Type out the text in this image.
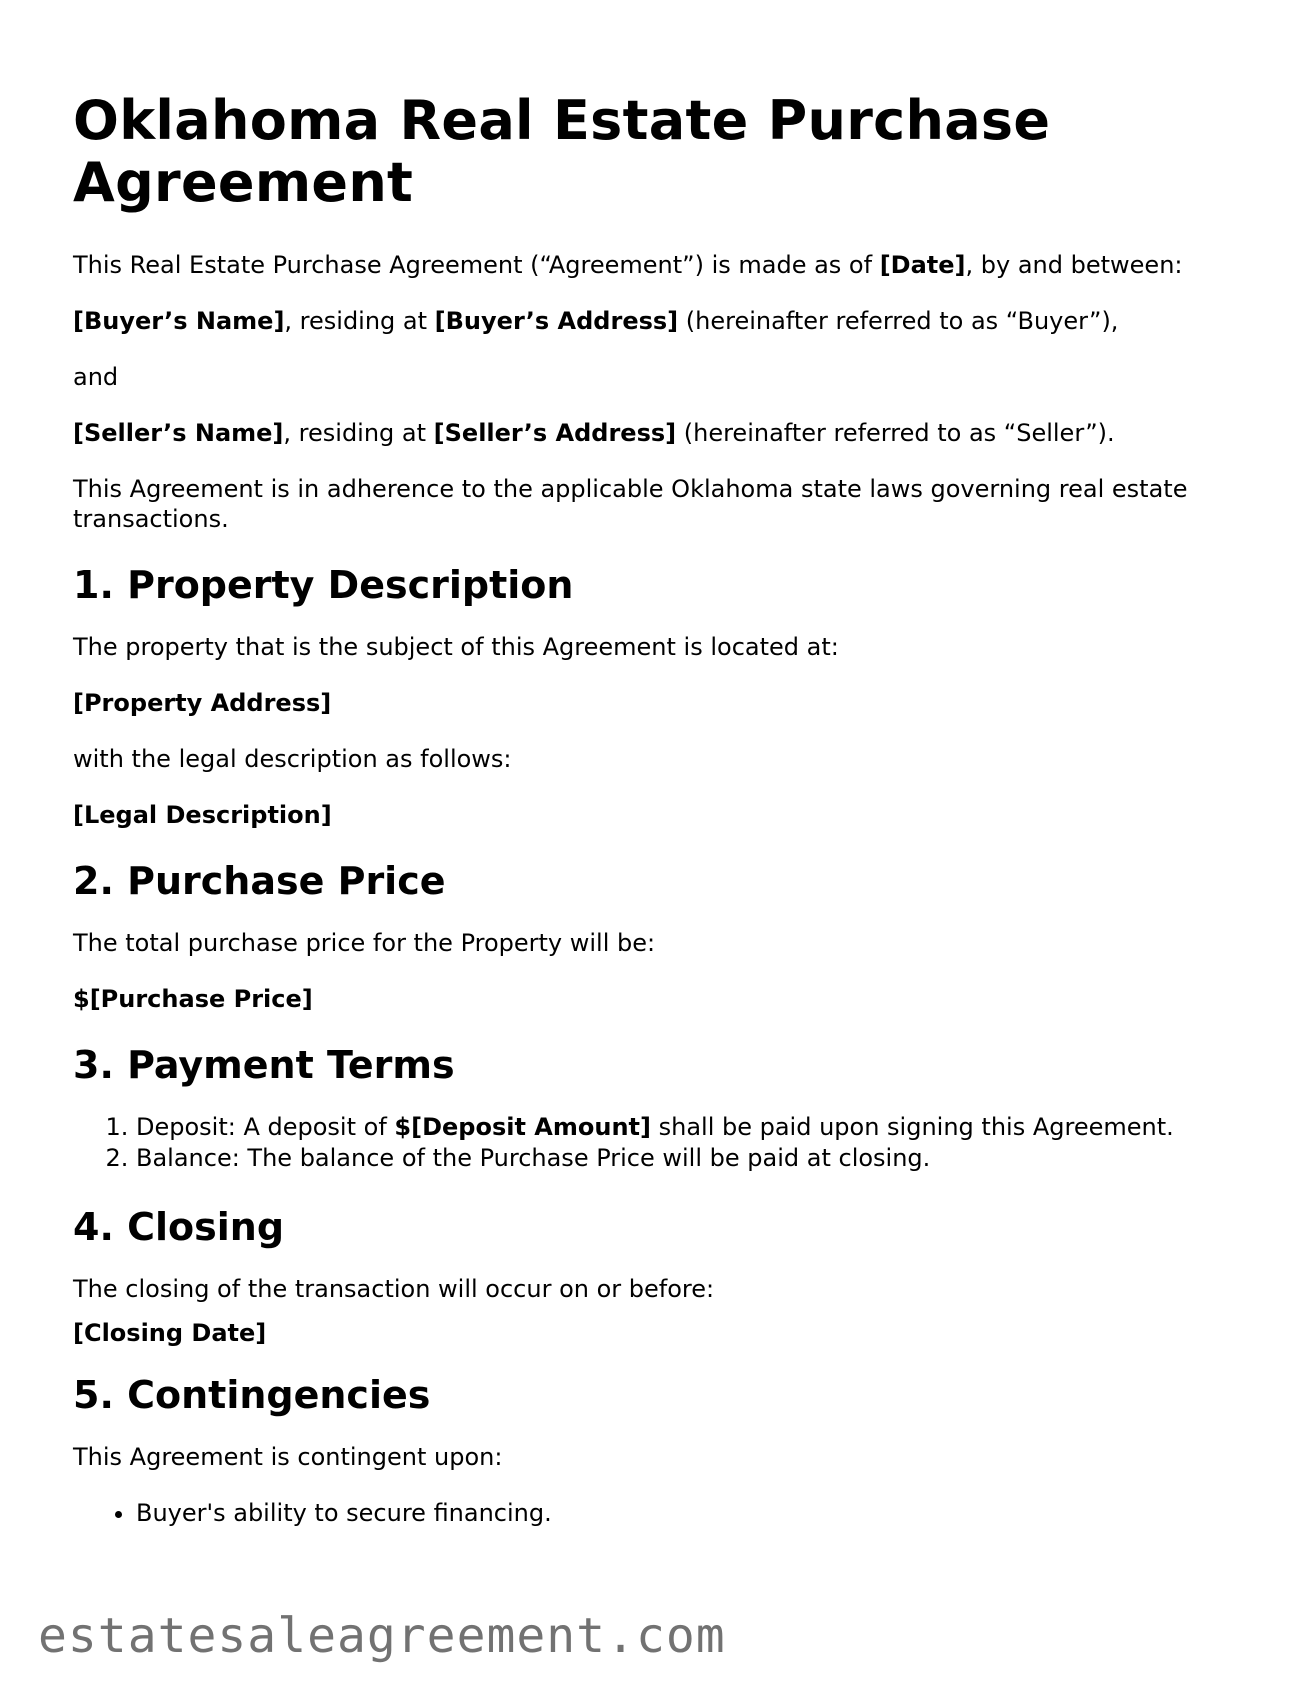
Oklahoma Real Estate Purchase Agreement

This Real Estate Purchase Agreement (“Agreement”) is made as of [Date], by and between:

[Buyer’s Name], residing at [Buyer’s Address] (hereinafter referred to as “Buyer”),

and

[Seller’s Name], residing at [Seller’s Address] (hereinafter referred to as “Seller”).

This Agreement is in adherence to the applicable Oklahoma state laws governing real estate transactions.

1. Property Description

The property that is the subject of this Agreement is located at:

[Property Address]

with the legal description as follows:

[Legal Description]

2. Purchase Price

The total purchase price for the Property will be:

$[Purchase Price]

3. Payment Terms
1. Deposit: A deposit of $[Deposit Amount] shall be paid upon signing this Agreement.
2. Balance: The balance of the Purchase Price will be paid at closing.
4. Closing

The closing of the transaction will occur on or before:

[Closing Date]

5. Contingencies

This Agreement is contingent upon:

• Buyer's ability to secure financing.
estatesaleagreement.com
